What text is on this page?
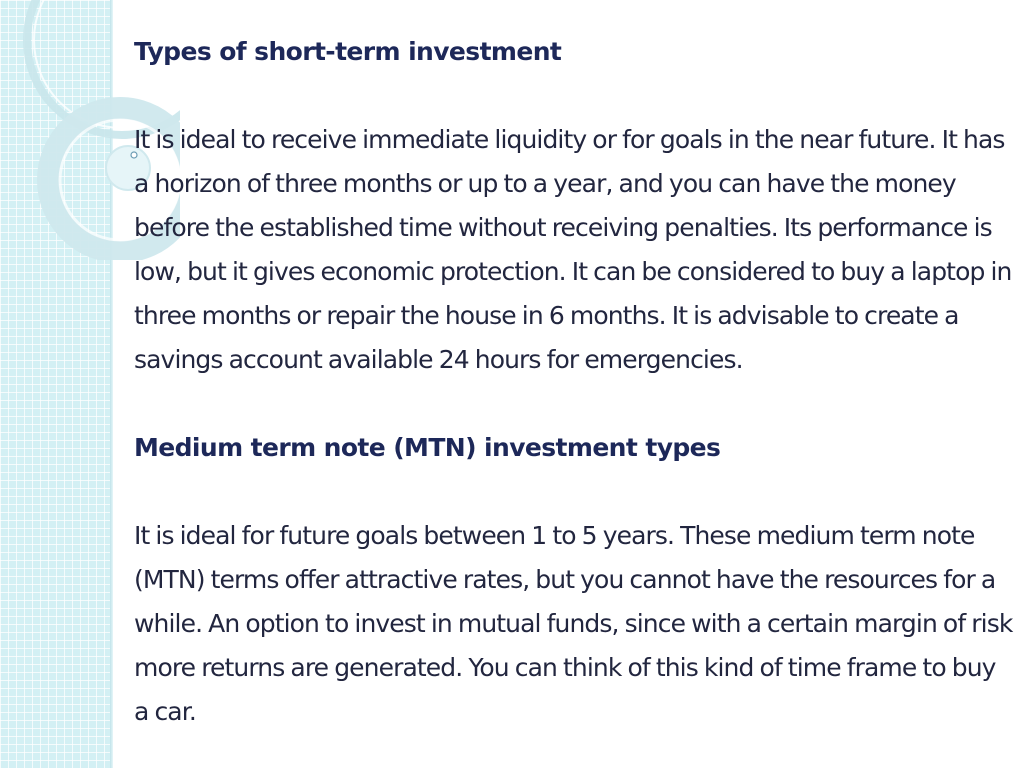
Types of short-term investment

It is ideal to receive immediate liquidity or for goals in the near future. It has a horizon of three months or up to a year, and you can have the money before the established time without receiving penalties. Its performance is low, but it gives economic protection. It can be considered to buy a laptop in three months or repair the house in 6 months. It is advisable to create a savings account available 24 hours for emergencies.

Medium term note (MTN) investment types

It is ideal for future goals between 1 to 5 years. These medium term note (MTN) terms offer attractive rates, but you cannot have the resources for a while. An option to invest in mutual funds, since with a certain margin of risk more returns are generated. You can think of this kind of time frame to buy a car.
